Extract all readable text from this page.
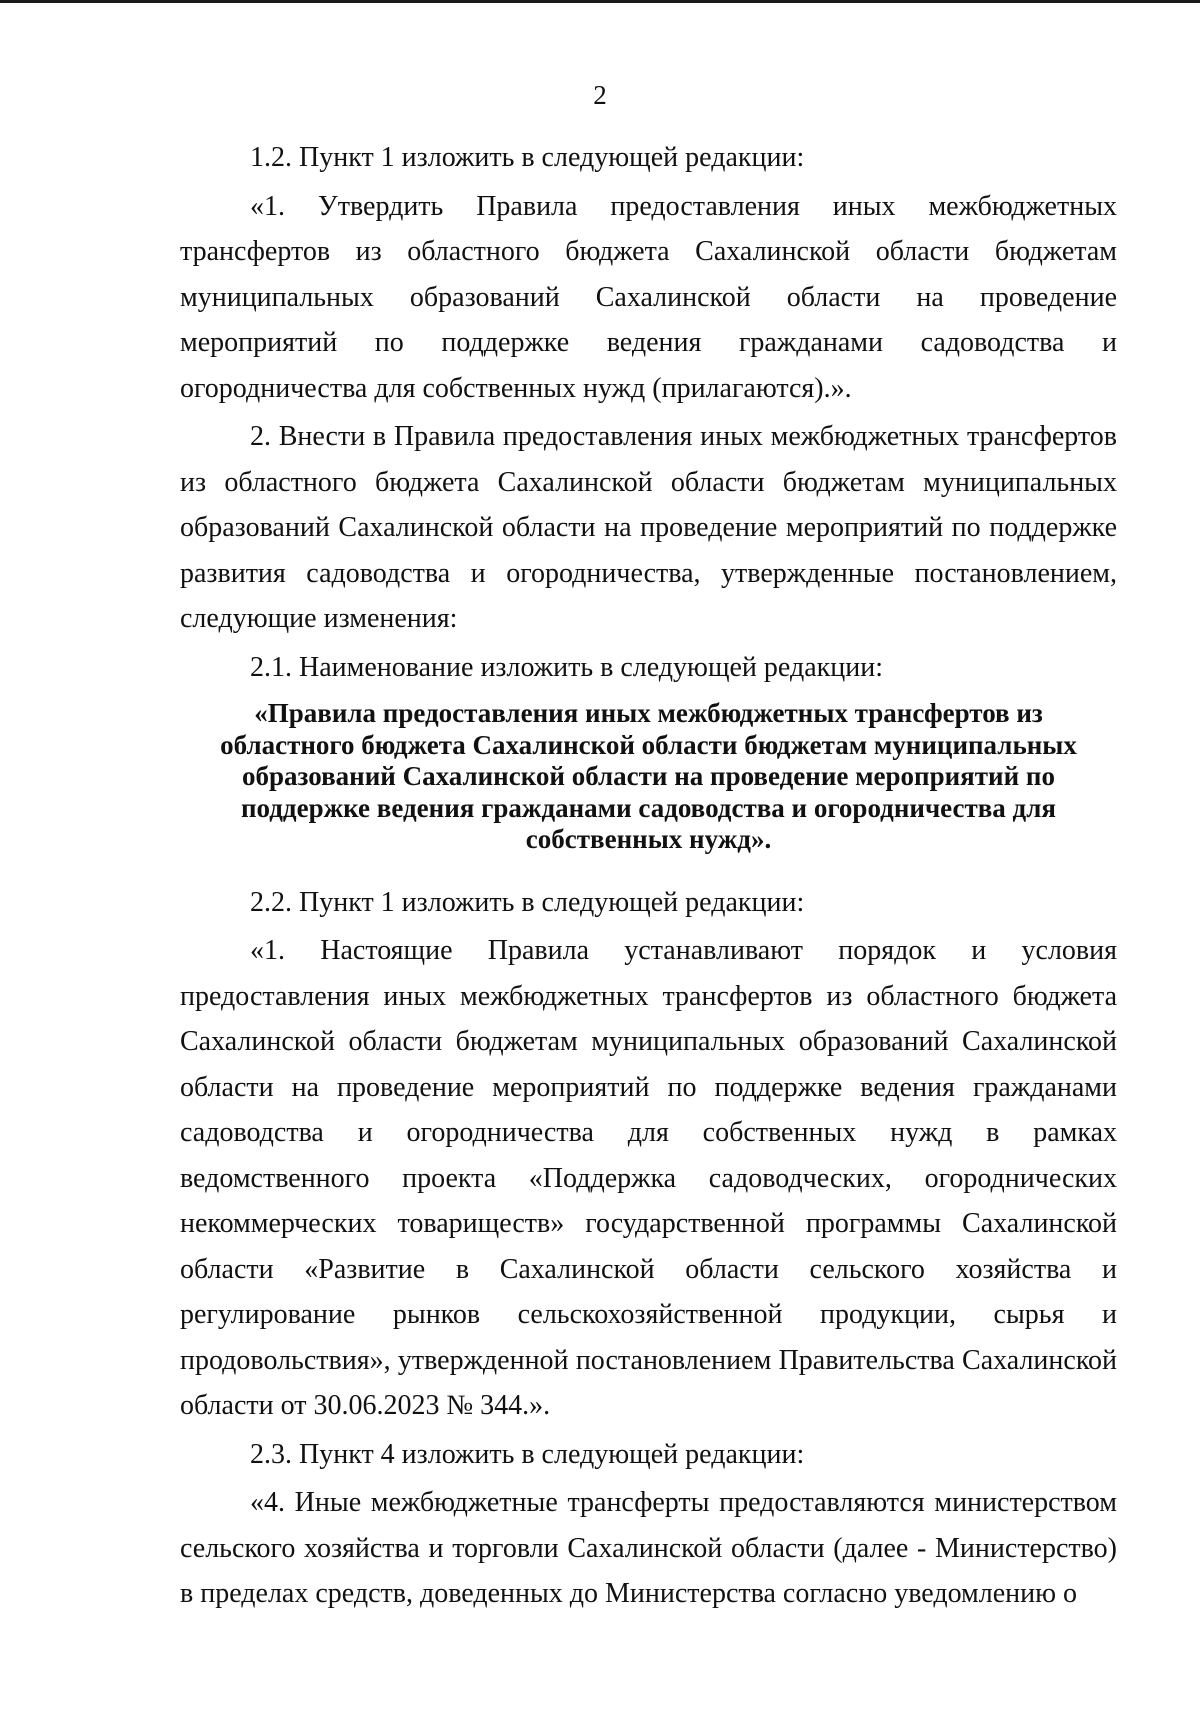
2

1.2. Пункт 1 изложить в следующей редакции:

«1. Утвердить Правила предоставления иных межбюджетных трансфертов из областного бюджета Сахалинской области бюджетам муниципальных образований Сахалинской области на проведение мероприятий по поддержке ведения гражданами садоводства и огородничества для собственных нужд (прилагаются).».

2. Внести в Правила предоставления иных межбюджетных трансфертов из областного бюджета Сахалинской области бюджетам муниципальных образований Сахалинской области на проведение мероприятий по поддержке развития садоводства и огородничества, утвержденные постановлением, следующие изменения:

2.1. Наименование изложить в следующей редакции:

«Правила предоставления иных межбюджетных трансфертов из областного бюджета Сахалинской области бюджетам муниципальных образований Сахалинской области на проведение мероприятий по поддержке ведения гражданами садоводства и огородничества для собственных нужд».

2.2. Пункт 1 изложить в следующей редакции:

«1. Настоящие Правила устанавливают порядок и условия предоставления иных межбюджетных трансфертов из областного бюджета Сахалинской области бюджетам муниципальных образований Сахалинской области на проведение мероприятий по поддержке ведения гражданами садоводства и огородничества для собственных нужд в рамках ведомственного проекта «Поддержка садоводческих, огороднических некоммерческих товариществ» государственной программы Сахалинской области «Развитие в Сахалинской области сельского хозяйства и регулирование рынков сельскохозяйственной продукции, сырья и продовольствия», утвержденной постановлением Правительства Сахалинской области от 30.06.2023 № 344.».

2.3. Пункт 4 изложить в следующей редакции:

«4. Иные межбюджетные трансферты предоставляются министерством сельского хозяйства и торговли Сахалинской области (далее - Министерство) в пределах средств, доведенных до Министерства согласно уведомлению о
